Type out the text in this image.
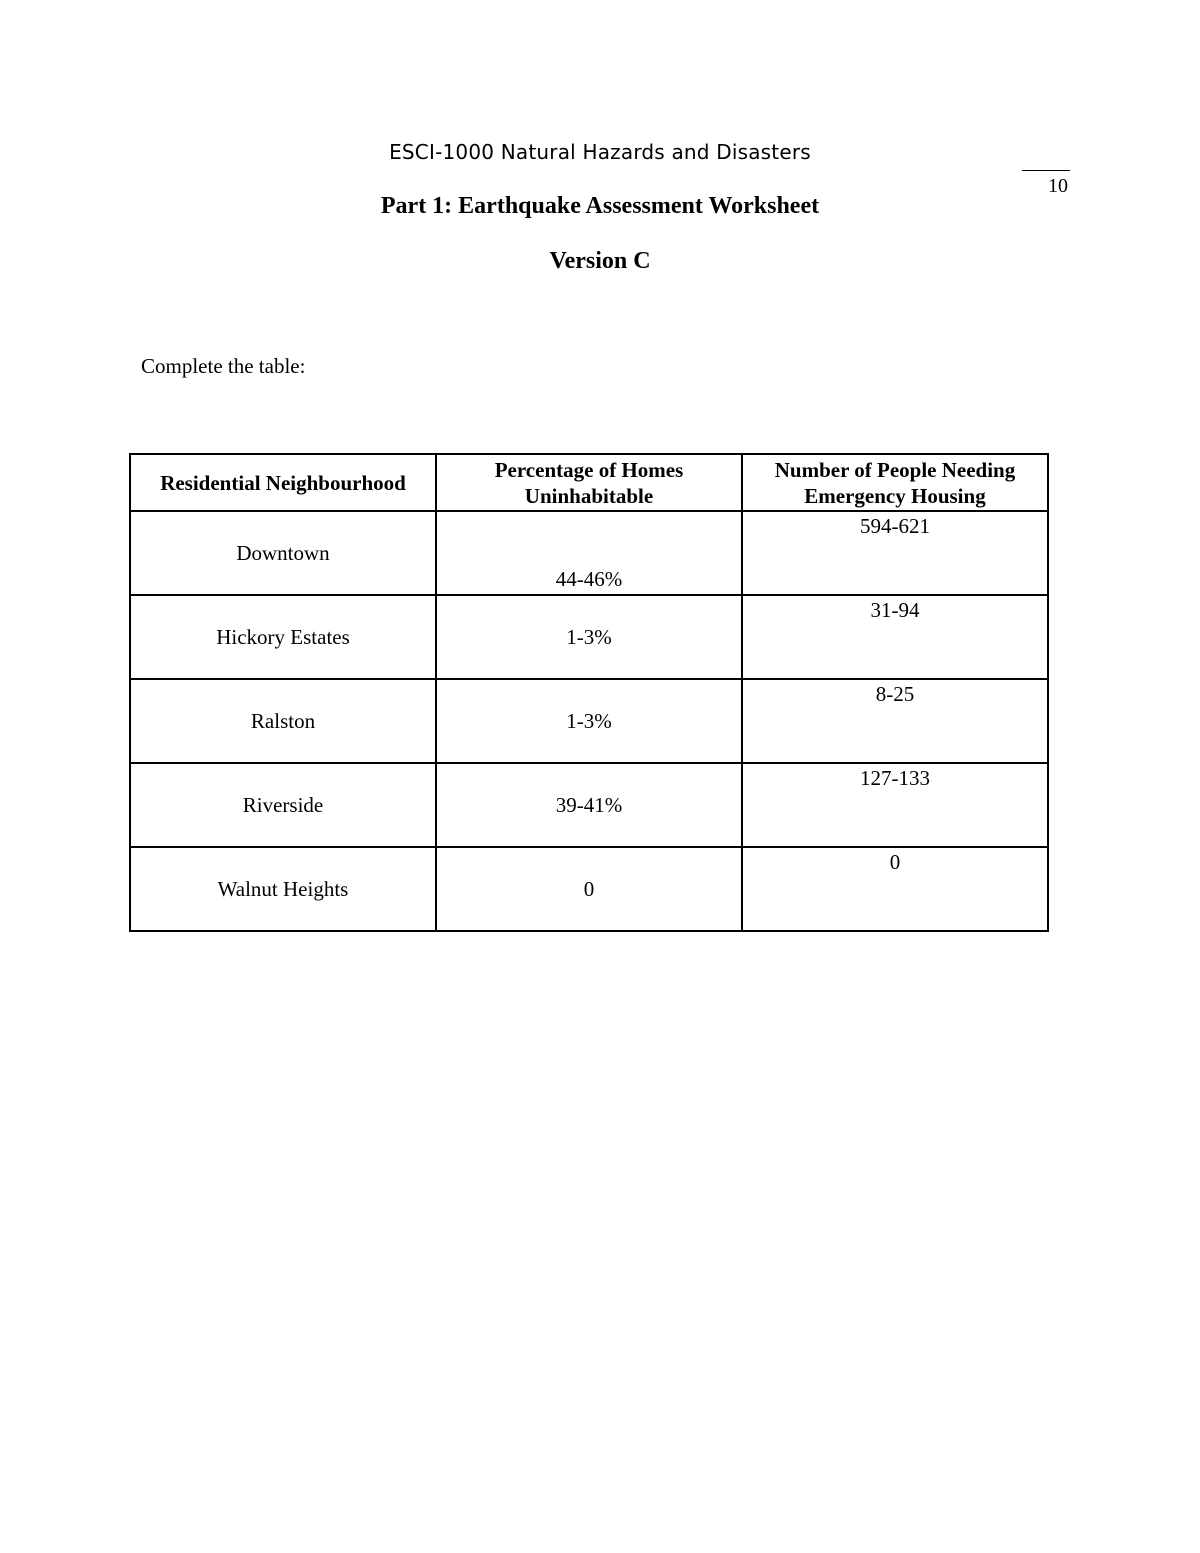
ESCI-1000 Natural Hazards and Disasters
10
Part 1: Earthquake Assessment Worksheet
Version C
Complete the table:
Residential Neighbourhood	Percentage of Homes Uninhabitable	Number of People Needing Emergency Housing
Downtown	44-46%	594-621
Hickory Estates	1-3%	31-94
Ralston	1-3%	8-25
Riverside	39-41%	127-133
Walnut Heights	0	0
